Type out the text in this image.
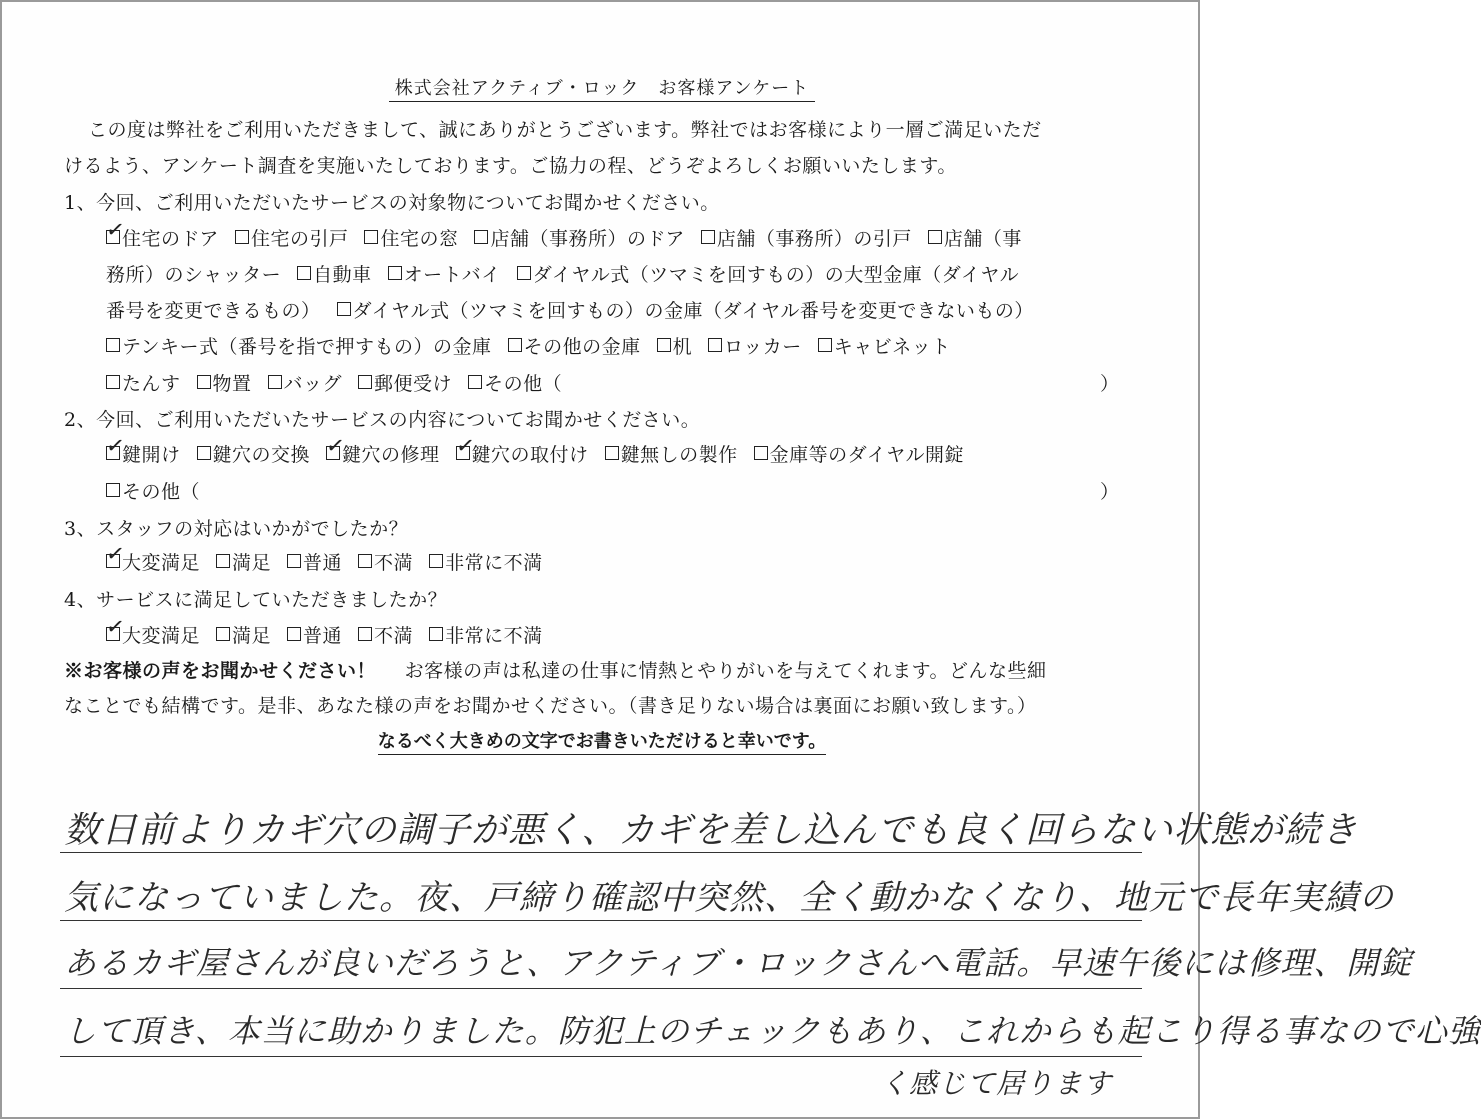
株式会社アクティブ・ロック　お客様アンケート
この度は弊社をご利用いただきまして、誠にありがとうございます。弊社ではお客様により一層ご満足いただ
けるよう、アンケート調査を実施いたしております。ご協力の程、どうぞよろしくお願いいたします。
1、今回、ご利用いただいたサービスの対象物についてお聞かせください。
✓
住宅のドア 住宅の引戸 住宅の窓 店舗（事務所）のドア 店舗（事務所）の引戸 店舗（事
務所）のシャッター 自動車 オートバイ ダイヤル式（ツマミを回すもの）の大型金庫（ダイヤル
番号を変更できるもの） ダイヤル式（ツマミを回すもの）の金庫（ダイヤル番号を変更できないもの）
テンキー式（番号を指で押すもの）の金庫 その他の金庫 机 ロッカー キャビネット
たんす 物置 バッグ 郵便受け その他（	）
2、今回、ご利用いただいたサービスの内容についてお聞かせください。
✓
鍵開け 鍵穴の交換 ✓
鍵穴の修理 ✓
鍵穴の取付け 鍵無しの製作 金庫等のダイヤル開錠
その他（	）
3、スタッフの対応はいかがでしたか？
✓
大変満足 満足 普通 不満 非常に不満
4、サービスに満足していただきましたか？
✓
大変満足 満足 普通 不満 非常に不満
※お客様の声をお聞かせください！ お客様の声は私達の仕事に情熱とやりがいを与えてくれます。どんな些細
なことでも結構です。是非、あなた様の声をお聞かせください。（書き足りない場合は裏面にお願い致します。）
なるべく大きめの文字でお書きいただけると幸いです。
数日前よりカギ穴の調子が悪く、カギを差し込んでも良く回らない状態が続き
気になっていました。夜、戸締り確認中突然、全く動かなくなり、地元で長年実績の
あるカギ屋さんが良いだろうと、アクティブ・ロックさんへ電話。早速午後には修理、開錠
して頂き、本当に助かりました。防犯上のチェックもあり、これからも起こり得る事なので心強
く感じて居ります
